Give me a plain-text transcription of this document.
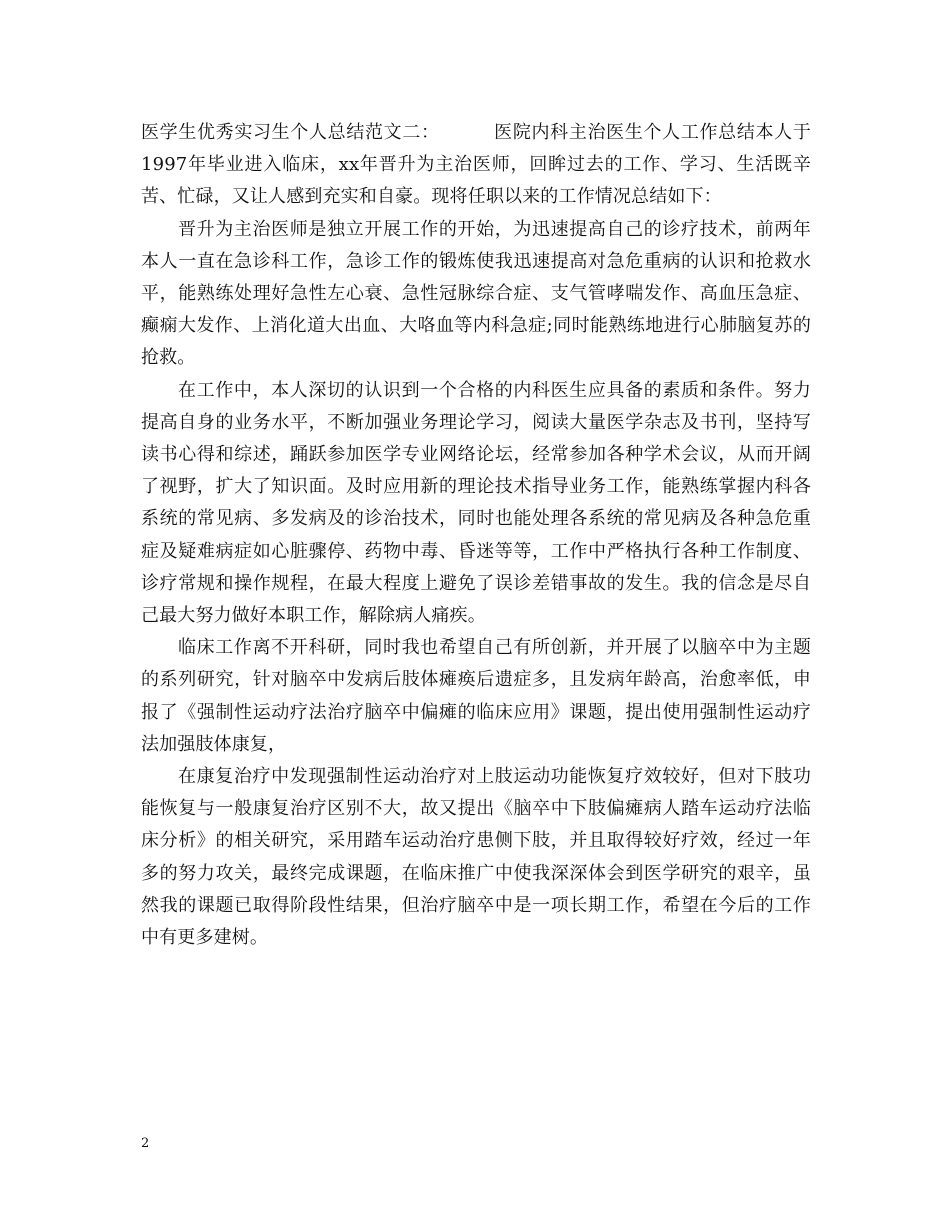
医学生优秀实习生个人总结范文二：	医院内科主治医生个人工作总结本人于1997年毕业进入临床，xx年晋升为主治医师，回眸过去的工作、学习、生活既辛苦、忙碌，又让人感到充实和自豪。现将任职以来的工作情况总结如下：

晋升为主治医师是独立开展工作的开始，为迅速提高自己的诊疗技术，前两年本人一直在急诊科工作，急诊工作的锻炼使我迅速提高对急危重病的认识和抢救水平，能熟练处理好急性左心衰、急性冠脉综合症、支气管哮喘发作、高血压急症、癫痫大发作、上消化道大出血、大咯血等内科急症;同时能熟练地进行心肺脑复苏的抢救。

在工作中，本人深切的认识到一个合格的内科医生应具备的素质和条件。努力提高自身的业务水平，不断加强业务理论学习，阅读大量医学杂志及书刊，坚持写读书心得和综述，踊跃参加医学专业网络论坛，经常参加各种学术会议，从而开阔了视野，扩大了知识面。及时应用新的理论技术指导业务工作，能熟练掌握内科各系统的常见病、多发病及的诊治技术，同时也能处理各系统的常见病及各种急危重症及疑难病症如心脏骤停、药物中毒、昏迷等等，工作中严格执行各种工作制度、诊疗常规和操作规程，在最大程度上避免了误诊差错事故的发生。我的信念是尽自己最大努力做好本职工作，解除病人痛疾。

临床工作离不开科研，同时我也希望自己有所创新，并开展了以脑卒中为主题的系列研究，针对脑卒中发病后肢体瘫痪后遗症多，且发病年龄高，治愈率低，申报了《强制性运动疗法治疗脑卒中偏瘫的临床应用》课题，提出使用强制性运动疗法加强肢体康复，

在康复治疗中发现强制性运动治疗对上肢运动功能恢复疗效较好，但对下肢功能恢复与一般康复治疗区别不大，故又提出《脑卒中下肢偏瘫病人踏车运动疗法临床分析》的相关研究，采用踏车运动治疗患侧下肢，并且取得较好疗效，经过一年多的努力攻关，最终完成课题，在临床推广中使我深深体会到医学研究的艰辛，虽然我的课题已取得阶段性结果，但治疗脑卒中是一项长期工作，希望在今后的工作中有更多建树。

2
